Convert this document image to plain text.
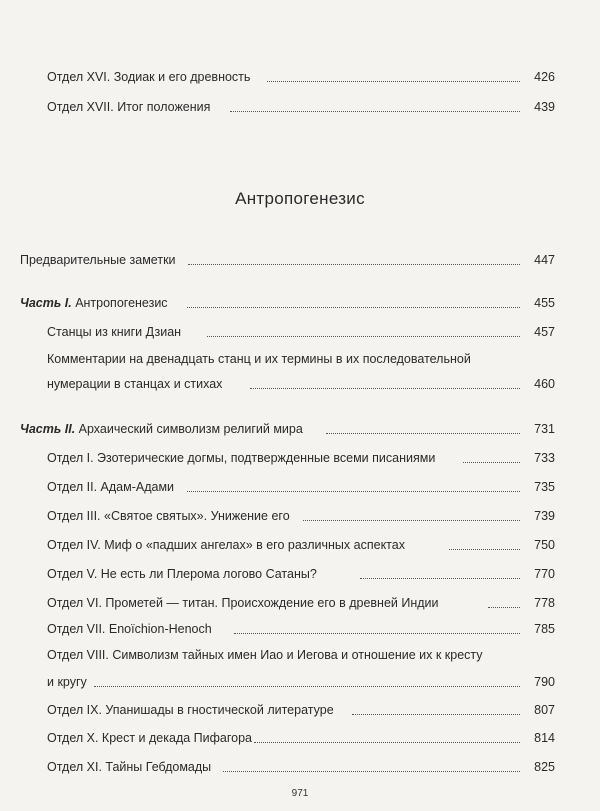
Отдел XVI. Зодиак и его древность	426
Отдел XVII. Итог положения	439
Антропогенезис
Предварительные заметки	447
Часть I. Антропогенезис	455
Станцы из книги Дзиан	457
Комментарии на двенадцать станц и их термины в их последовательной
нумерации в станцах и стихах	460
Часть II. Архаический символизм религий мира	731
Отдел I. Эзотерические догмы, подтвержденные всеми писаниями	733
Отдел II. Адам-Адами	735
Отдел III. «Святое святых». Унижение его	739
Отдел IV. Миф о «падших ангелах» в его различных аспектах	750
Отдел V. Не есть ли Плерома логово Сатаны?	770
Отдел VI. Прометей — титан. Происхождение его в древней Индии	778
Отдел VII. Enoïchion-Henoch	785
Отдел VIII. Символизм тайных имен Иао и Иегова и отношение их к кресту
и кругу	790
Отдел IX. Упанишады в гностической литературе	807
Отдел X. Крест и декада Пифагора	814
Отдел XI. Тайны Гебдомады	825
971
